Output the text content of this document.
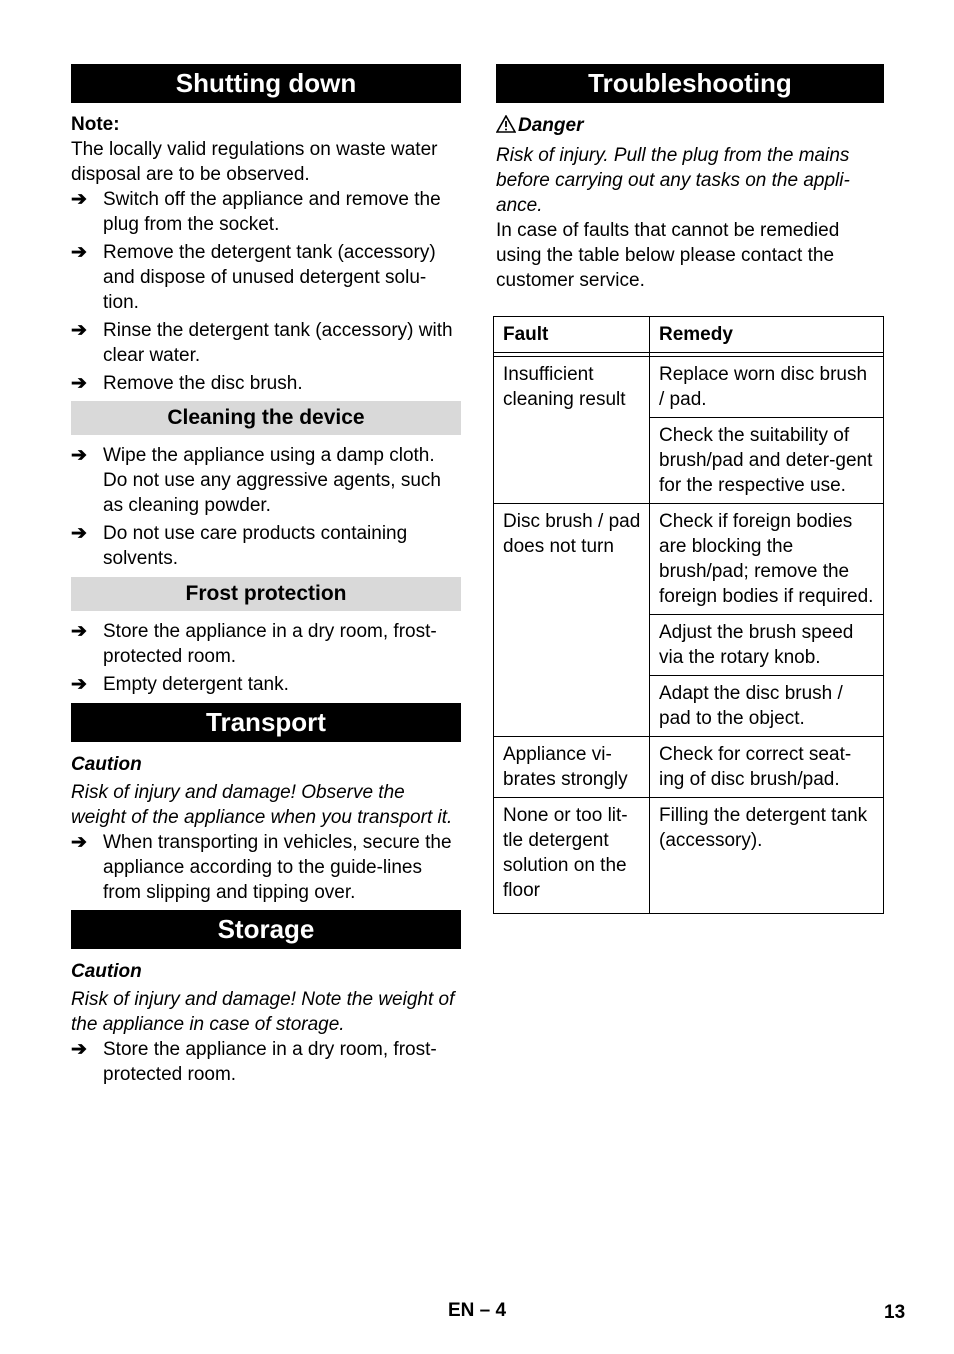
Shutting down

Note:

The locally valid regulations on waste water disposal are to be observed.

➔ Switch off the appliance and remove the plug from the socket.
➔ Remove the detergent tank (accessory) and dispose of unused detergent solu-tion.
➔ Rinse the detergent tank (accessory) with clear water.
➔ Remove the disc brush.
Cleaning the device
➔ Wipe the appliance using a damp cloth. Do not use any aggressive agents, such as cleaning powder.
➔ Do not use care products containing solvents.
Frost protection
➔ Store the appliance in a dry room, frost-protected room.
➔ Empty detergent tank.
Transport

Caution

Risk of injury and damage! Observe the weight of the appliance when you transport it.

➔ When transporting in vehicles, secure the appliance according to the guide-lines from slipping and tipping over.
Storage

Caution

Risk of injury and damage! Note the weight of the appliance in case of storage.

➔ Store the appliance in a dry room, frost-protected room.
Troubleshooting

Danger

Risk of injury. Pull the plug from the mains before carrying out any tasks on the appli-ance.

In case of faults that cannot be remedied using the table below please contact the customer service.

Fault	Remedy

Insufficient cleaning result	Replace worn disc brush / pad.
	Check the suitability of brush/pad and deter-gent for the respective use.
Disc brush / pad does not turn	Check if foreign bodies are blocking the brush/pad; remove the foreign bodies if required.
	Adjust the brush speed via the rotary knob.
	Adapt the disc brush / pad to the object.
Appliance vi-brates strongly	Check for correct seat-ing of disc brush/pad.
None or too lit-tle detergent solution on the floor	Filling the detergent tank (accessory).
EN – 4	13
